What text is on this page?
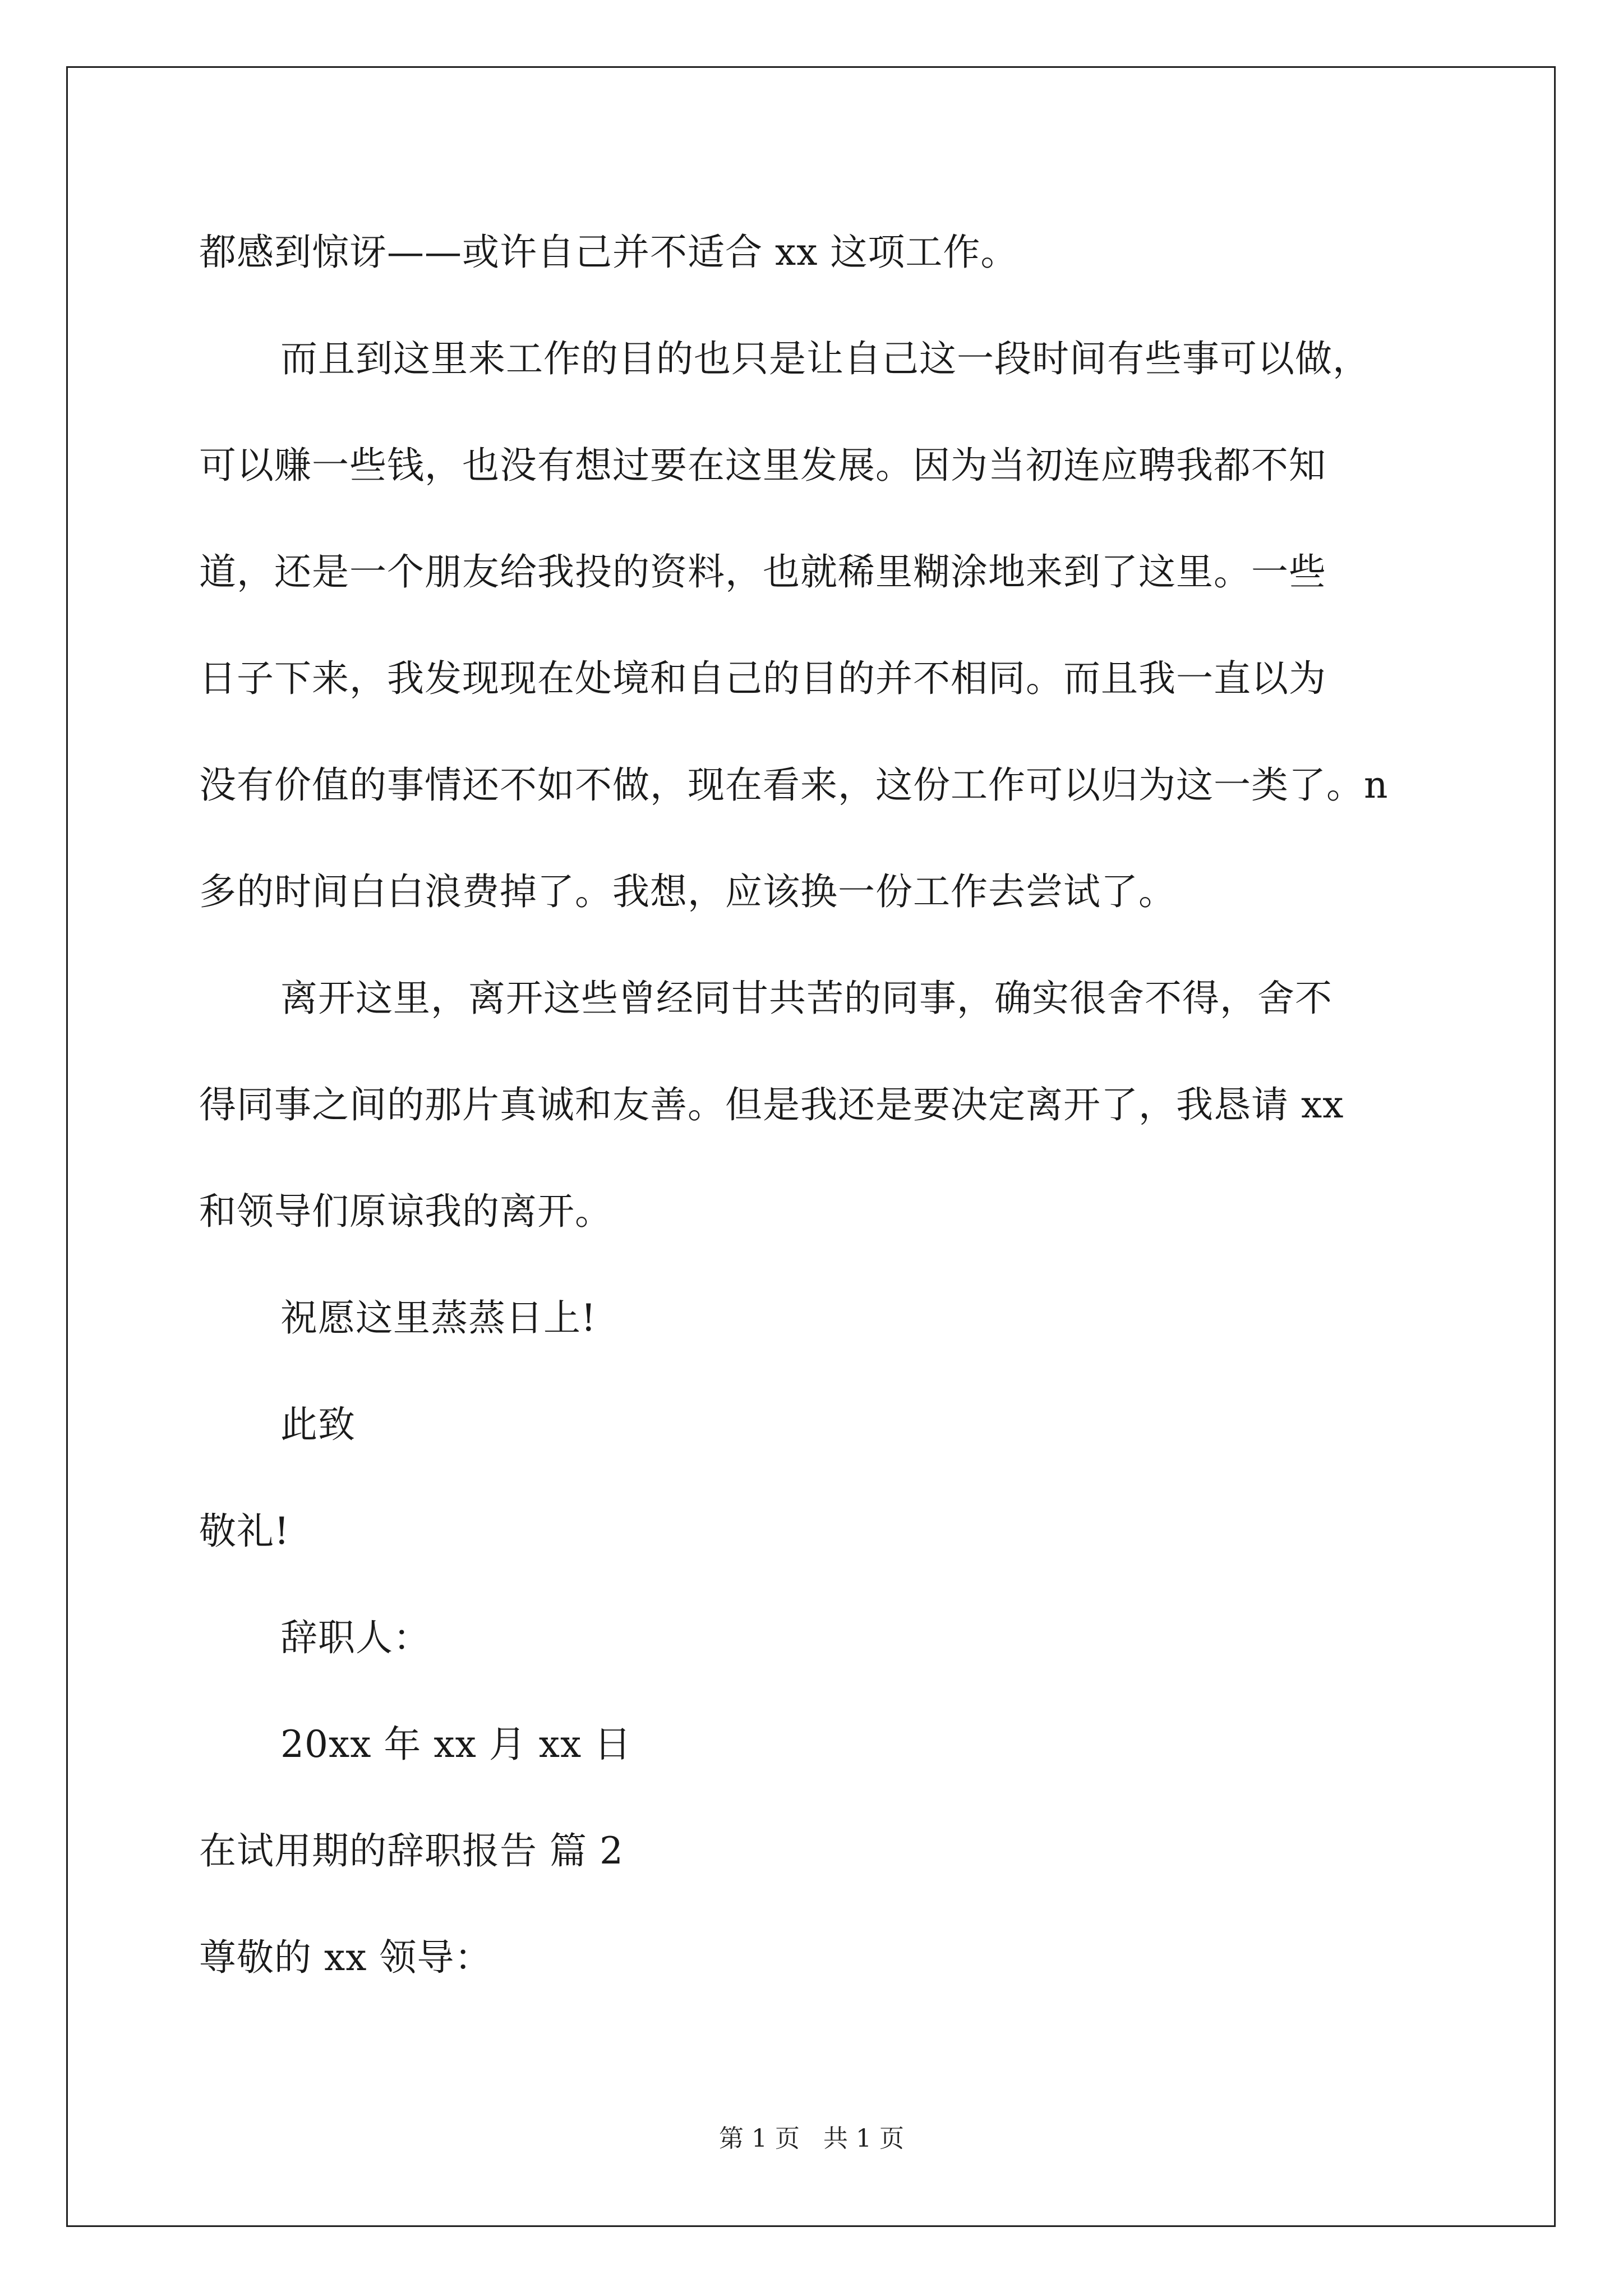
都感到惊讶——或许自己并不适合 xx 这项工作。
而且到这里来工作的目的也只是让自己这一段时间有些事可以做，
可以赚一些钱，也没有想过要在这里发展。因为当初连应聘我都不知
道，还是一个朋友给我投的资料，也就稀里糊涂地来到了这里。一些
日子下来，我发现现在处境和自己的目的并不相同。而且我一直以为
没有价值的事情还不如不做，现在看来，这份工作可以归为这一类了。n
多的时间白白浪费掉了。我想，应该换一份工作去尝试了。
离开这里，离开这些曾经同甘共苦的同事，确实很舍不得，舍不
得同事之间的那片真诚和友善。但是我还是要决定离开了，我恳请 xx
和领导们原谅我的离开。
祝愿这里蒸蒸日上!
此致
敬礼!
辞职人：
20xx 年 xx 月 xx 日
在试用期的辞职报告 篇 2
尊敬的 xx 领导：
第 1 页 共 1 页
